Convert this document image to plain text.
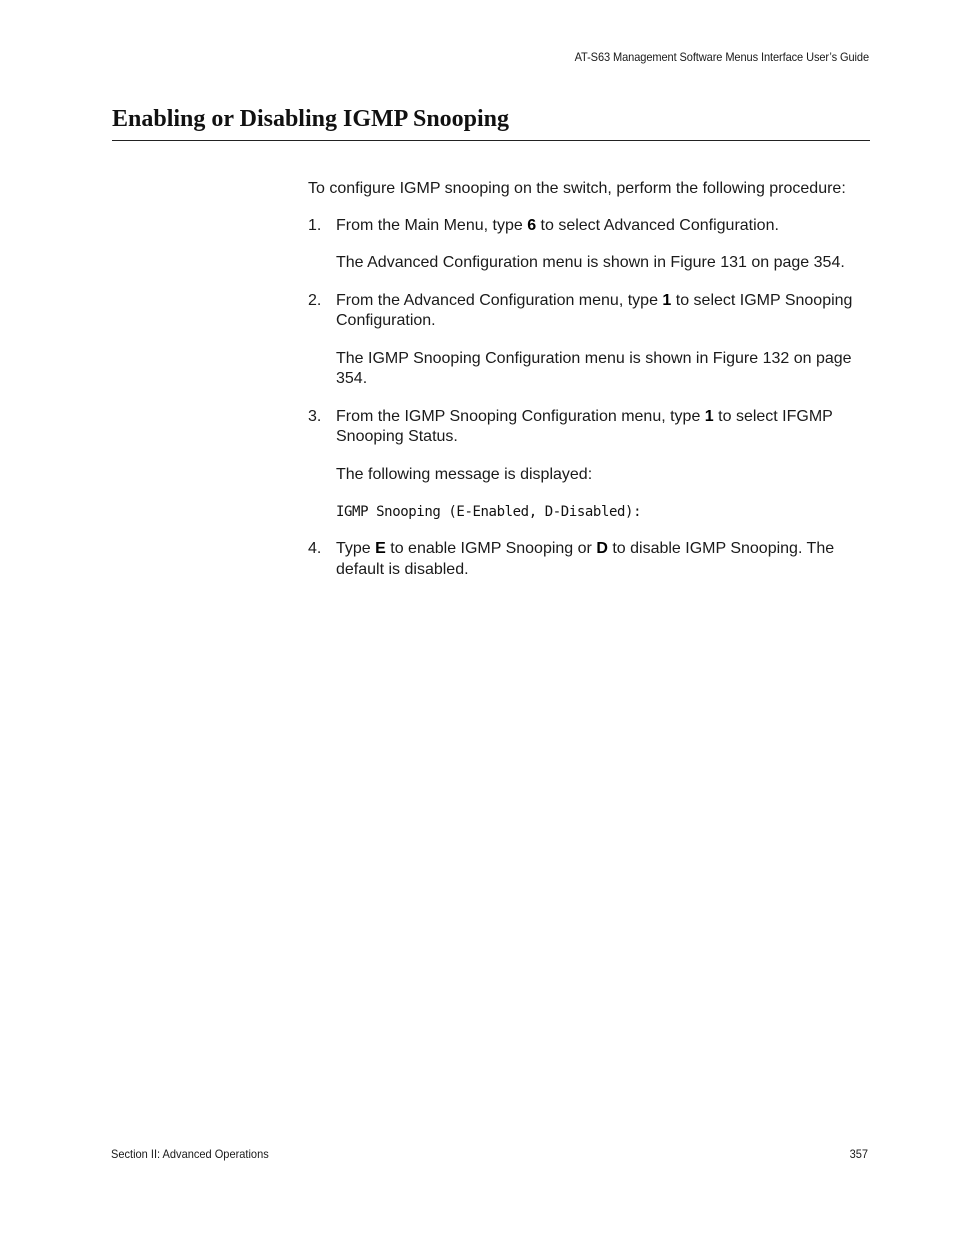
AT-S63 Management Software Menus Interface User’s Guide
Enabling or Disabling IGMP Snooping

To configure IGMP snooping on the switch, perform the following procedure:

1. From the Main Menu, type 6 to select Advanced Configuration.

The Advanced Configuration menu is shown in Figure 131 on page 354.

2. From the Advanced Configuration menu, type 1 to select IGMP Snooping Configuration.

The IGMP Snooping Configuration menu is shown in Figure 132 on page 354.

3. From the IGMP Snooping Configuration menu, type 1 to select IFGMP Snooping Status.

The following message is displayed:

IGMP Snooping (E-Enabled, D-Disabled):
4. Type E to enable IGMP Snooping or D to disable IGMP Snooping. The default is disabled.

Section II: Advanced Operations	357
